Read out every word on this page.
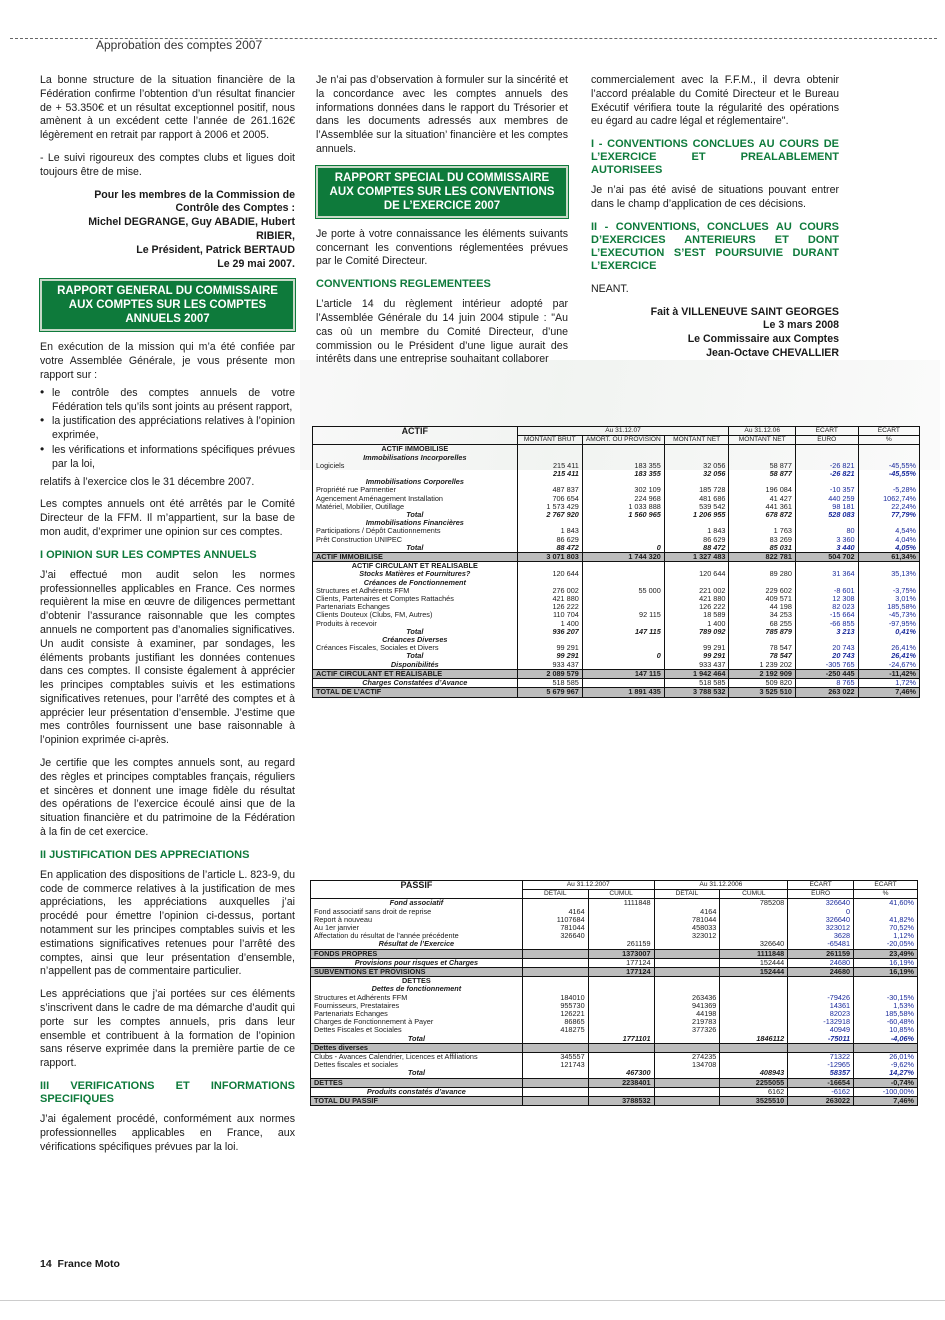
Approbation des comptes 2007

La bonne structure de la situation financière de la Fédération confirme l’obtention d’un résultat financier de + 53.350€ et un résultat exceptionnel positif, nous amènent à un excédent cette l’année de 261.162€ légèrement en retrait par rapport à 2006 et 2005.

- Le suivi rigoureux des comptes clubs et ligues doit toujours être de mise.

Pour les membres de la Commission de
Contrôle des Comptes :
Michel DEGRANGE, Guy ABADIE, Hubert
RIBIER,
Le Président, Patrick BERTAUD
Le 29 mai 2007.
RAPPORT GENERAL DU COMMISSAIRE AUX COMPTES SUR LES COMPTES ANNUELS 2007

En exécution de la mission qui m’a été confiée par votre Assemblée Générale, je vous présente mon rapport sur :

• le contrôle des comptes annuels de votre Fédération tels qu’ils sont joints au présent rapport,
• la justification des appréciations relatives à l’opinion exprimée,
• les vérifications et informations spécifiques prévues par la loi,

relatifs à l’exercice clos le 31 décembre 2007.

Les comptes annuels ont été arrêtés par le Comité Directeur de la FFM. Il m’appartient, sur la base de mon audit, d’exprimer une opinion sur ces comptes.

I OPINION SUR LES COMPTES ANNUELS

J’ai effectué mon audit selon les normes professionnelles applicables en France. Ces normes requièrent la mise en œuvre de diligences permettant d’obtenir l’assurance raisonnable que les comptes annuels ne comportent pas d’anomalies significatives. Un audit consiste à examiner, par sondages, les éléments probants justifiant les données contenues dans ces comptes. Il consiste également à apprécier les principes comptables suivis et les estimations significatives retenues, pour l’arrêté des comptes et à apprécier leur présentation d’ensemble. J’estime que mes contrôles fournissent une base raisonnable à l’opinion exprimée ci-après.

Je certifie que les comptes annuels sont, au regard des règles et principes comptables français, réguliers et sincères et donnent une image fidèle du résultat des opérations de l’exercice écoulé ainsi que de la situation financière et du patrimoine de la Fédération à la fin de cet exercice.

II JUSTIFICATION DES APPRECIATIONS

En application des dispositions de l’article L. 823-9, du code de commerce relatives à la justification de mes appréciations, les appréciations auxquelles j’ai procédé pour émettre l’opinion ci-dessus, portant notamment sur les principes comptables suivis et les estimations significatives retenues pour l’arrêté des comptes, ainsi que leur présentation d’ensemble, n’appellent pas de commentaire particulier.

Les appréciations que j’ai portées sur ces éléments s’inscrivent dans le cadre de ma démarche d’audit qui porte sur les comptes annuels, pris dans leur ensemble et contribuent à la formation de l’opinion sans réserve exprimée dans la première partie de ce rapport.

III VERIFICATIONS ET INFORMATIONS SPECIFIQUES

J’ai également procédé, conformément aux normes professionnelles applicables en France, aux vérifications spécifiques prévues par la loi.

Je n’ai pas d’observation à formuler sur la sincérité et la concordance avec les comptes annuels des informations données dans le rapport du Trésorier et dans les documents adressés aux membres de l’Assemblée sur la situation’ financière et les comptes annuels.

RAPPORT SPECIAL DU COMMISSAIRE AUX COMPTES SUR LES CONVENTIONS DE L’EXERCICE 2007

Je porte à votre connaissance les éléments suivants concernant les conventions réglementées prévues par le Comité Directeur.

CONVENTIONS REGLEMENTEES

L’article 14 du règlement intérieur adopté par l’Assemblée Générale du 14 juin 2004 stipule : "Au cas où un membre du Comité Directeur, d’une commission ou le Président d’une ligue aurait des intérêts dans une entreprise souhaitant collaborer

commercialement avec la F.F.M., il devra obtenir l’accord préalable du Comité Directeur et le Bureau Exécutif vérifiera toute la régularité des opérations eu égard au cadre légal et réglementaire".

I - CONVENTIONS CONCLUES AU COURS DE L’EXERCICE ET PREALABLEMENT AUTORISEES

Je n’ai pas été avisé de situations pouvant entrer dans le champ d’application de ces décisions.

II - CONVENTIONS, CONCLUES AU COURS D’EXERCICES ANTERIEURS ET DONT L’EXECUTION S’EST POURSUIVIE DURANT L’EXERCICE

NEANT.

Fait à VILLENEUVE SAINT GEORGES
Le 3 mars 2008
Le Commissaire aux Comptes
Jean-Octave CHEVALLIER
ACTIF	Au 31.12.07			Au 31.12.06	ECART	ECART
	MONTANT BRUT	AMORT. OU PROVISION	MONTANT NET	MONTANT NET	EURO	%
ACTIF IMMOBILISE						
Immobilisations Incorporelles						
Logiciels	215 411	183 355	32 056	58 877	-26 821	-45,55%
	215 411	183 355	32 056	58 877	-26 821	-45,55%
Immobilisations Corporelles						
Propriété rue Parmentier	487 837	302 109	185 728	196 084	-10 357	-5,28%
Agencement Aménagement Installation	706 654	224 968	481 686	41 427	440 259	1062,74%
Matériel, Mobilier, Outillage	1 573 429	1 033 888	539 542	441 361	98 181	22,24%
Total	2 767 920	1 560 965	1 206 955	678 872	528 083	77,79%
Immobilisations Financières						
Participations / Dépôt Cautionnements	1 843		1 843	1 763	80	4,54%
Prêt Construction UNIPEC	86 629		86 629	83 269	3 360	4,04%
Total	88 472	0	88 472	85 031	3 440	4,05%
ACTIF IMMOBILISE	3 071 803	1 744 320	1 327 483	822 781	504 702	61,34%
ACTIF CIRCULANT ET REALISABLE						
Stocks Matières et Fournitures?	120 644		120 644	89 280	31 364	35,13%
Créances de Fonctionnement						
Structures et Adhérents FFM	276 002	55 000	221 002	229 602	-8 601	-3,75%
Clients, Partenaires et Comptes Rattachés	421 880		421 880	409 571	12 308	3,01%
Partenariats Echanges	126 222		126 222	44 198	82 023	185,58%
Clients Douteux (Clubs, FM, Autres)	110 704	92 115	18 589	34 253	-15 664	-45,73%
Produits à recevoir	1 400		1 400	68 255	-66 855	-97,95%
Total	936 207	147 115	789 092	785 879	3 213	0,41%
Créances Diverses						
Créances Fiscales, Sociales et Divers	99 291		99 291	78 547	20 743	26,41%
Total	99 291	0	99 291	78 547	20 743	26,41%
Disponibilités	933 437		933 437	1 239 202	-305 765	-24,67%
ACTIF CIRCULANT ET REALISABLE	2 089 579	147 115	1 942 464	2 192 909	-250 445	-11,42%
Charges Constatées d’Avance	518 585		518 585	509 820	8 765	1,72%
TOTAL DE L’ACTIF	5 679 967	1 891 435	3 788 532	3 525 510	263 022	7,46%
PASSIF	Au 31.12.2007		Au 31.12.2006		ECART	ECART
	DETAIL	CUMUL	DETAIL	CUMUL	EURO	%
Fond associatif		1111848		785208	326640	41,60%
Fond associatif sans droit de reprise	4164		4164		0	
Report à nouveau	1107684		781044		326640	41,82%
Au 1er janvier	781044		458033		323012	70,52%
Affectation du résultat de l’année précédente	326640		323012		3628	1,12%
Résultat de l’Exercice		261159		326640	-65481	-20,05%
FONDS PROPRES		1373007		1111848	261159	23,49%
Provisions pour risques et Charges		177124		152444	24680	16,19%
SUBVENTIONS ET PROVISIONS		177124		152444	24680	16,19%
DETTES						
Dettes de fonctionnement						
Structures et Adhérents FFM	184010		263436		-79426	-30,15%
Fournisseurs, Prestataires	955730		941369		14361	1,53%
Partenariats Echanges	126221		44198		82023	185,58%
Charges de Fonctionnement à Payer	86865		219783		-132918	-60,48%
Dettes Fiscales et Sociales	418275		377326		40949	10,85%
Total		1771101		1846112	-75011	-4,06%
Dettes diverses						
Clubs - Avances Calendrier, Licences et Affiliations	345557		274235		71322	26,01%
Dettes fiscales et sociales	121743		134708		-12965	-9,62%
Total		467300		408943	58357	14,27%
DETTES		2238401		2255055	-16654	-0,74%
Produits constatés d’avance				6162	-6162	-100,00%
TOTAL DU PASSIF		3788532		3525510	263022	7,46%
14 France Moto
